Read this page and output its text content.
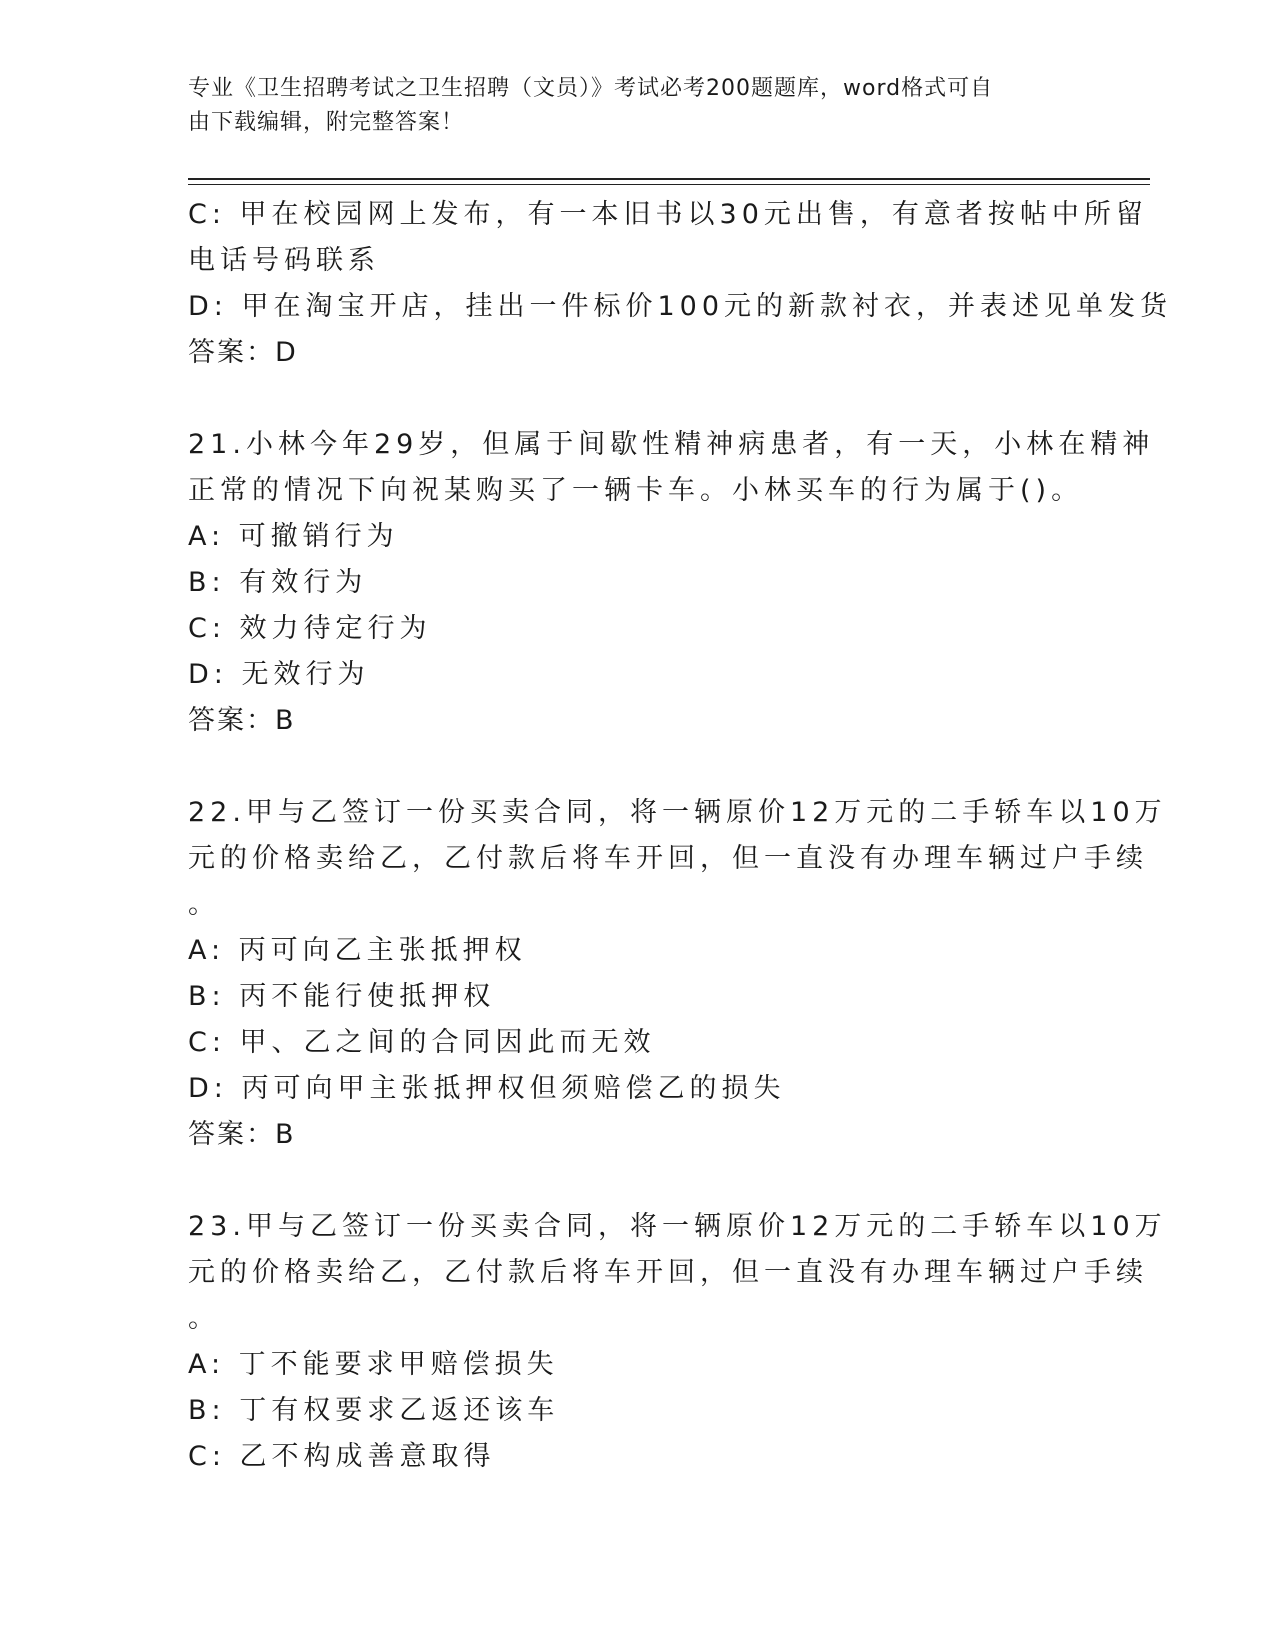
专业《卫生招聘考试之卫生招聘（文员）》考试必考200题题库，word格式可自
由下载编辑，附完整答案！
C: 甲在校园网上发布，有一本旧书以30元出售，有意者按帖中所留
电话号码联系
D: 甲在淘宝开店，挂出一件标价100元的新款衬衣，并表述见单发货
答案：D
21.小林今年29岁，但属于间歇性精神病患者，有一天，小林在精神
正常的情况下向祝某购买了一辆卡车。小林买车的行为属于()。
A: 可撤销行为
B: 有效行为
C: 效力待定行为
D: 无效行为
答案：B
22.甲与乙签订一份买卖合同，将一辆原价12万元的二手轿车以10万
元的价格卖给乙，乙付款后将车开回，但一直没有办理车辆过户手续
。
A: 丙可向乙主张抵押权
B: 丙不能行使抵押权
C: 甲、乙之间的合同因此而无效
D: 丙可向甲主张抵押权但须赔偿乙的损失
答案：B
23.甲与乙签订一份买卖合同，将一辆原价12万元的二手轿车以10万
元的价格卖给乙，乙付款后将车开回，但一直没有办理车辆过户手续
。
A: 丁不能要求甲赔偿损失
B: 丁有权要求乙返还该车
C: 乙不构成善意取得
